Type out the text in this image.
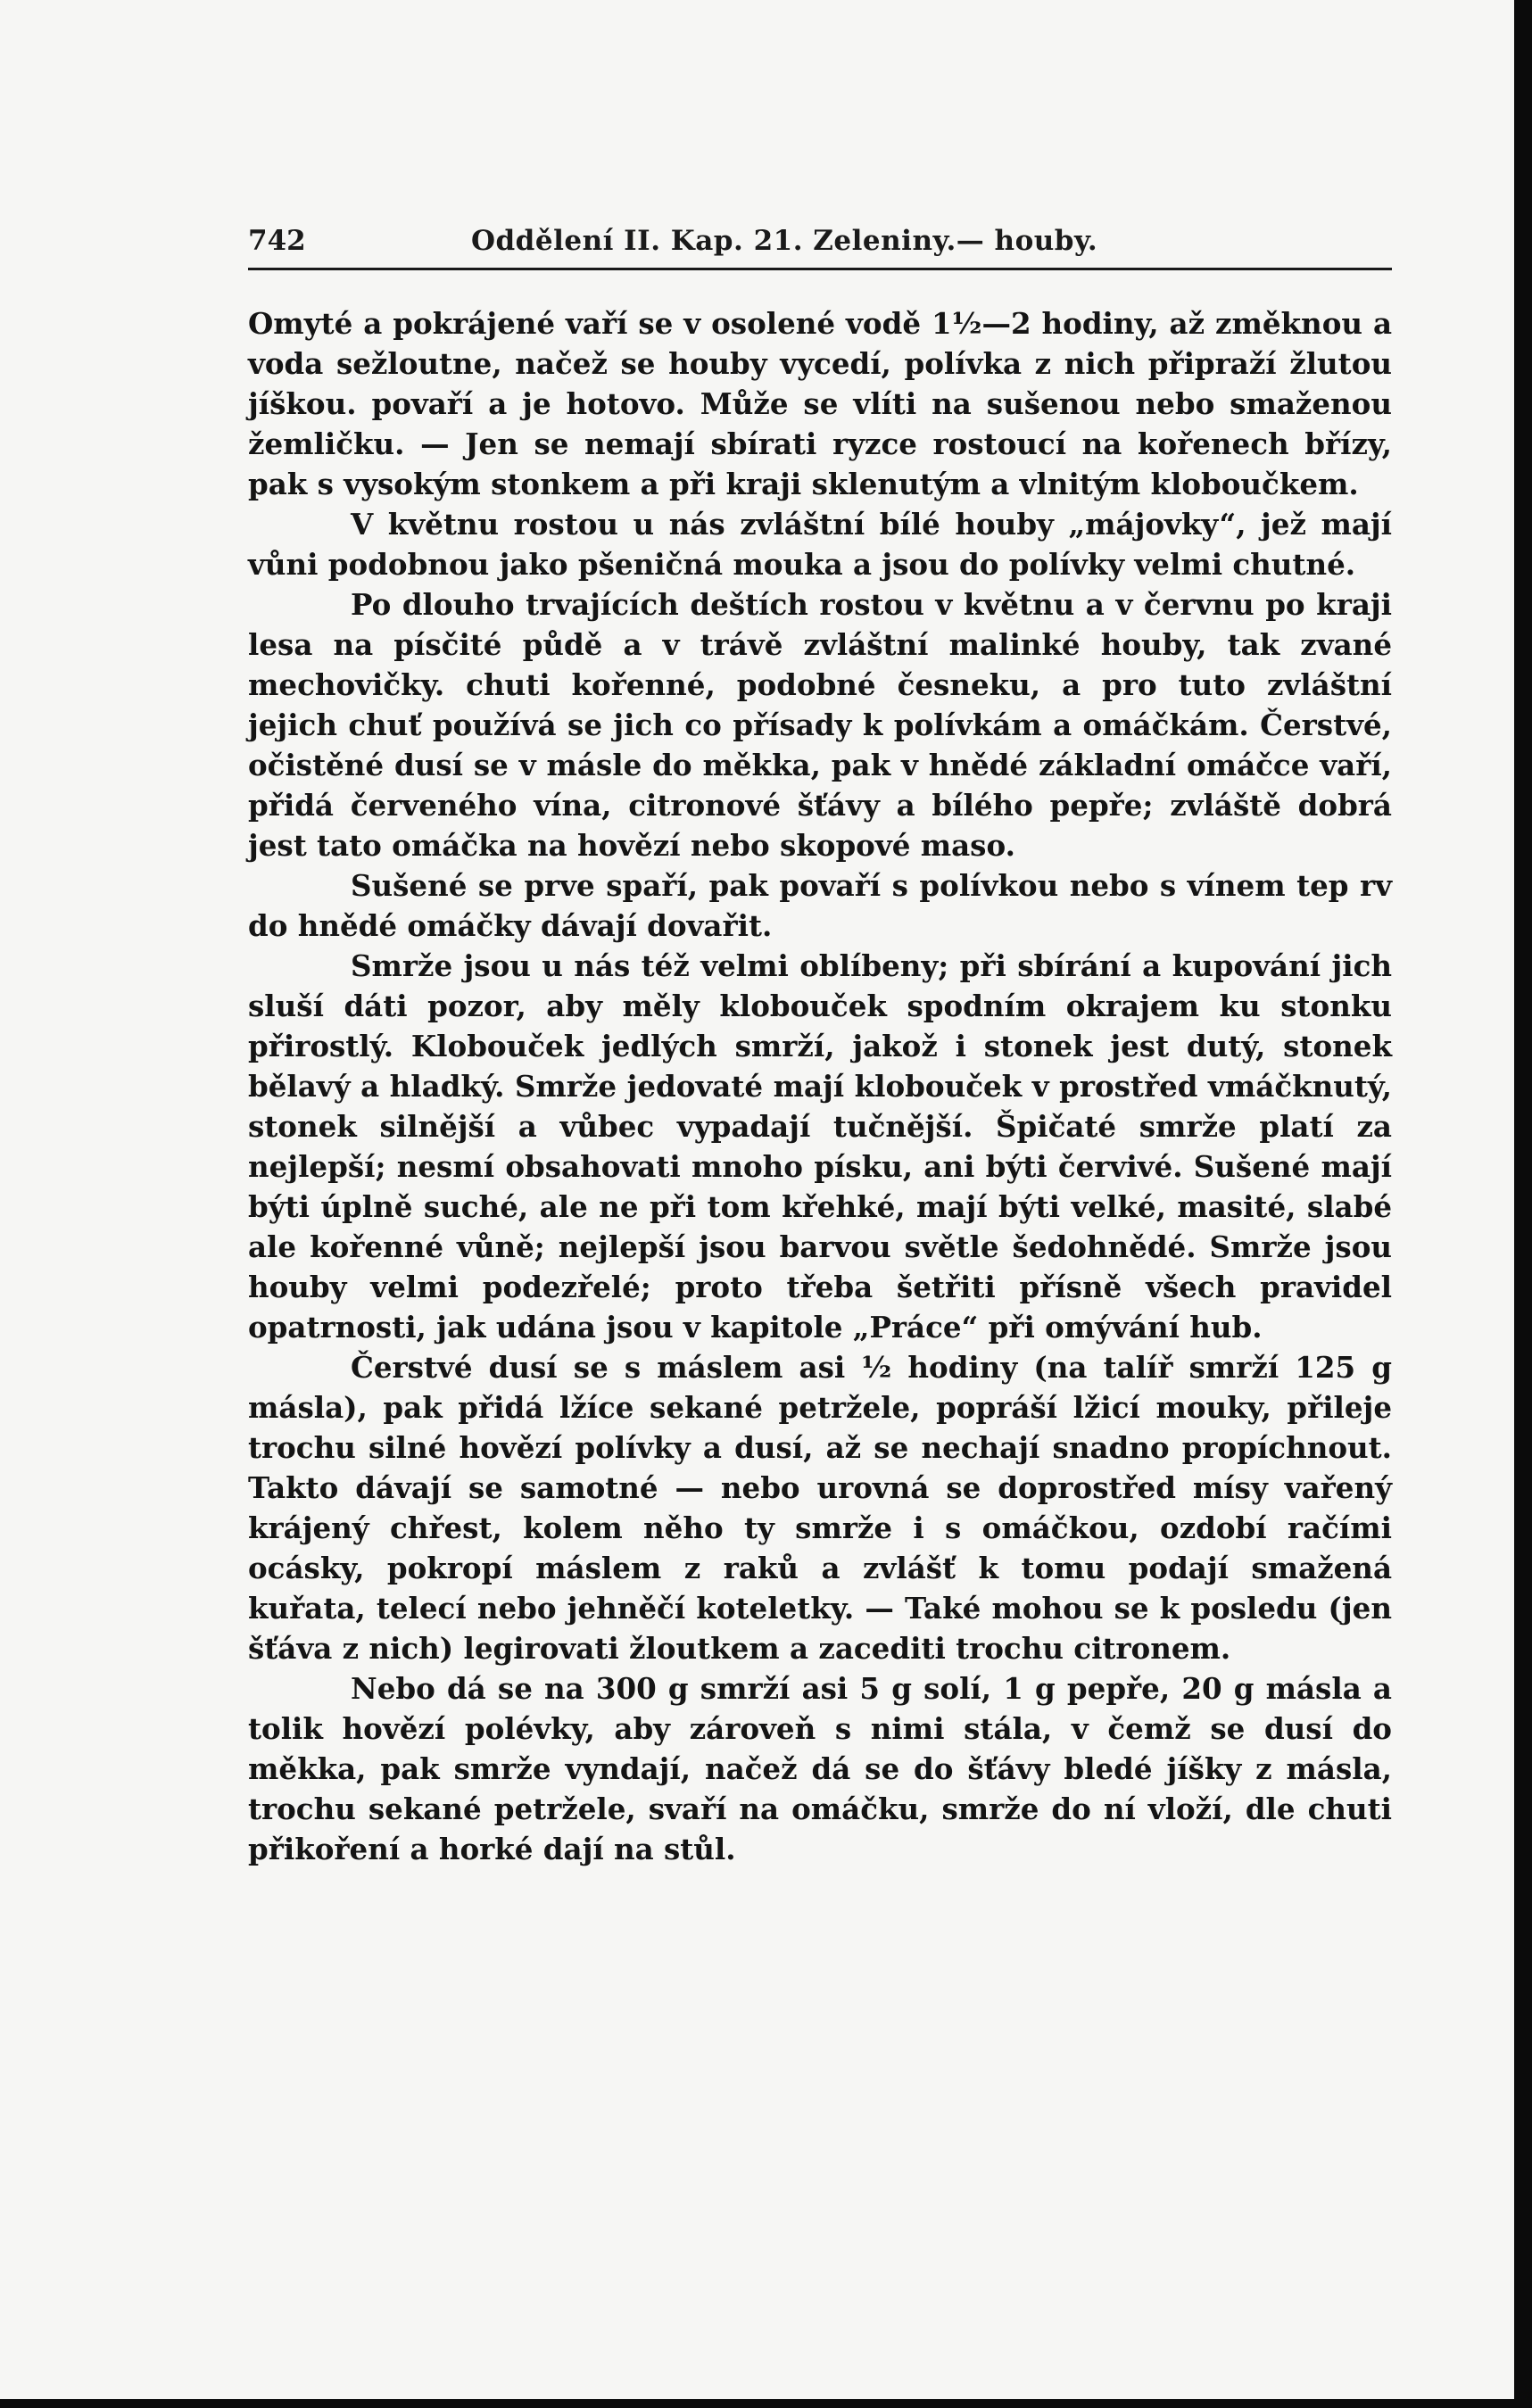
742	Oddělení II. Kap. 21. Zeleniny.— houby.

Omyté a pokrájené vaří se v osolené vodě 1½—2 hodiny, až změknou a voda sežloutne, načež se houby vycedí, polívka z nich připraží žlutou jíškou. povaří a je hotovo. Může se vlíti na sušenou nebo smaženou žemličku. — Jen se nemají sbírati ryzce rostoucí na kořenech břízy, pak s vysokým stonkem a při kraji sklenutým a vlnitým kloboučkem.

V květnu rostou u nás zvláštní bílé houby „májovky“, jež mají vůni podobnou jako pšeničná mouka a jsou do polívky velmi chutné.

Po dlouho trvajících deštích rostou v květnu a v červnu po kraji lesa na písčité půdě a v trávě zvláštní malinké houby, tak zvané mechovičky. chuti kořenné, podobné česneku, a pro tuto zvláštní jejich chuť používá se jich co přísady k polívkám a omáčkám. Čerstvé, očistěné dusí se v másle do měkka, pak v hnědé základní omáčce vaří, přidá červeného vína, citronové šťávy a bílého pepře; zvláště dobrá jest tato omáčka na hovězí nebo skopové maso.

Sušené se prve spaří, pak povaří s polívkou nebo s vínem tep rv do hnědé omáčky dávají dovařit.

Smrže jsou u nás též velmi oblíbeny; při sbírání a kupování jich sluší dáti pozor, aby měly klobouček spodním okrajem ku stonku přirostlý. Klobouček jedlých smrží, jakož i stonek jest dutý, stonek bělavý a hladký. Smrže jedovaté mají klobouček v prostřed vmáčknutý, stonek silnější a vůbec vypadají tučnější. Špičaté smrže platí za nejlepší; nesmí obsahovati mnoho písku, ani býti červivé. Sušené mají býti úplně suché, ale ne při tom křehké, mají býti velké, masité, slabé ale kořenné vůně; nejlepší jsou barvou světle šedohnědé. Smrže jsou houby velmi podezřelé; proto třeba šetřiti přísně všech pravidel opatrnosti, jak udána jsou v kapitole „Práce“ při omývání hub.

Čerstvé dusí se s máslem asi ½ hodiny (na talíř smrží 125 g másla), pak přidá lžíce sekané petržele, popráší lžicí mouky, přileje trochu silné hovězí polívky a dusí, až se nechají snadno propíchnout. Takto dávají se samotné — nebo urovná se doprostřed mísy vařený krájený chřest, kolem něho ty smrže i s omáčkou, ozdobí račími ocásky, pokropí máslem z raků a zvlášť k tomu podají smažená kuřata, telecí nebo jehněčí koteletky. — Také mohou se k posledu (jen šťáva z nich) legirovati žloutkem a zacediti trochu citronem.

Nebo dá se na 300 g smrží asi 5 g solí, 1 g pepře, 20 g másla a tolik hovězí polévky, aby zároveň s nimi stála, v čemž se dusí do měkka, pak smrže vyndají, načež dá se do šťávy bledé jíšky z másla, trochu sekané petržele, svaří na omáčku, smrže do ní vloží, dle chuti přikoření a horké dají na stůl.
